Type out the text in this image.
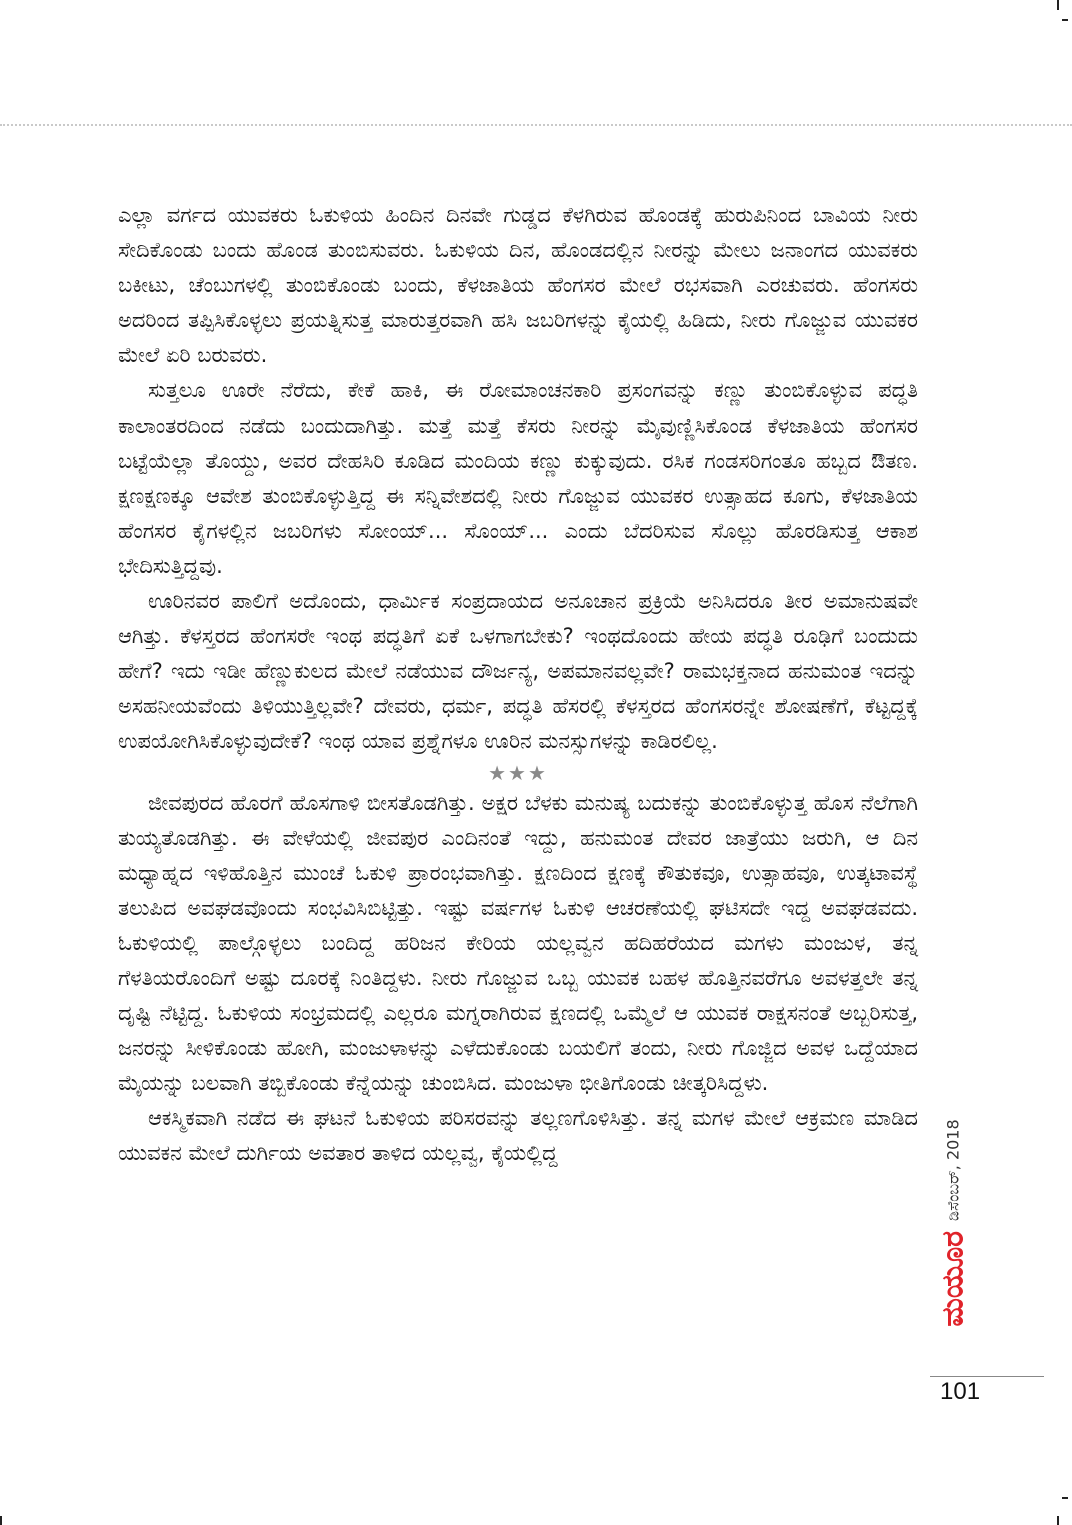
ಎಲ್ಲಾ ವರ್ಗದ ಯುವಕರು ಓಕುಳಿಯ ಹಿಂದಿನ ದಿನವೇ ಗುಡ್ಡದ ಕೆಳಗಿರುವ ಹೊಂಡಕ್ಕೆ ಹುರುಪಿನಿಂದ ಬಾವಿಯ ನೀರು ಸೇದಿಕೊಂಡು ಬಂದು ಹೊಂಡ ತುಂಬಿಸುವರು. ಓಕುಳಿಯ ದಿನ, ಹೊಂಡದಲ್ಲಿನ ನೀರನ್ನು ಮೇಲು ಜನಾಂಗದ ಯುವಕರು ಬಕೀಟು, ಚೆಂಬುಗಳಲ್ಲಿ ತುಂಬಿಕೊಂಡು ಬಂದು, ಕೆಳಜಾತಿಯ ಹೆಂಗಸರ ಮೇಲೆ ರಭಸವಾಗಿ ಎರಚುವರು. ಹೆಂಗಸರು ಅದರಿಂದ ತಪ್ಪಿಸಿಕೊಳ್ಳಲು ಪ್ರಯತ್ನಿಸುತ್ತ ಮಾರುತ್ತರವಾಗಿ ಹಸಿ ಜಬರಿಗಳನ್ನು ಕೈಯಲ್ಲಿ ಹಿಡಿದು, ನೀರು ಗೊಜ್ಜುವ ಯುವಕರ ಮೇಲೆ ಏರಿ ಬರುವರು.

ಸುತ್ತಲೂ ಊರೇ ನೆರೆದು, ಕೇಕೆ ಹಾಕಿ, ಈ ರೋಮಾಂಚನಕಾರಿ ಪ್ರಸಂಗವನ್ನು ಕಣ್ಣು ತುಂಬಿಕೊಳ್ಳುವ ಪದ್ಧತಿ ಕಾಲಾಂತರದಿಂದ ನಡೆದು ಬಂದುದಾಗಿತ್ತು. ಮತ್ತೆ ಮತ್ತೆ ಕೆಸರು ನೀರನ್ನು ಮೈವುಣ್ಣಿಸಿಕೊಂಡ ಕೆಳಜಾತಿಯ ಹೆಂಗಸರ ಬಟ್ಟೆಯೆಲ್ಲಾ ತೊಯ್ದು, ಅವರ ದೇಹಸಿರಿ ಕೂಡಿದ ಮಂದಿಯ ಕಣ್ಣು ಕುಕ್ಕುವುದು. ರಸಿಕ ಗಂಡಸರಿಗಂತೂ ಹಬ್ಬದ ಔತಣ. ಕ್ಷಣಕ್ಷಣಕ್ಕೂ ಆವೇಶ ತುಂಬಿಕೊಳ್ಳುತ್ತಿದ್ದ ಈ ಸನ್ನಿವೇಶದಲ್ಲಿ ನೀರು ಗೊಜ್ಜುವ ಯುವಕರ ಉತ್ಸಾಹದ ಕೂಗು, ಕೆಳಜಾತಿಯ ಹೆಂಗಸರ ಕೈಗಳಲ್ಲಿನ ಜಬರಿಗಳು ಸೋಂಯ್... ಸೊಂಯ್... ಎಂದು ಬೆದರಿಸುವ ಸೊಲ್ಲು ಹೊರಡಿಸುತ್ತ ಆಕಾಶ ಭೇದಿಸುತ್ತಿದ್ದವು.

ಊರಿನವರ ಪಾಲಿಗೆ ಅದೊಂದು, ಧಾರ್ಮಿಕ ಸಂಪ್ರದಾಯದ ಅನೂಚಾನ ಪ್ರಕ್ರಿಯೆ ಅನಿಸಿದರೂ ತೀರ ಅಮಾನುಷವೇ ಆಗಿತ್ತು. ಕೆಳಸ್ತರದ ಹೆಂಗಸರೇ ಇಂಥ ಪದ್ಧತಿಗೆ ಏಕೆ ಒಳಗಾಗಬೇಕು? ಇಂಥದೊಂದು ಹೇಯ ಪದ್ಧತಿ ರೂಢಿಗೆ ಬಂದುದು ಹೇಗೆ? ಇದು ಇಡೀ ಹೆಣ್ಣುಕುಲದ ಮೇಲೆ ನಡೆಯುವ ದೌರ್ಜನ್ಯ, ಅಪಮಾನವಲ್ಲವೇ? ರಾಮಭಕ್ತನಾದ ಹನುಮಂತ ಇದನ್ನು ಅಸಹನೀಯವೆಂದು ತಿಳಿಯುತ್ತಿಲ್ಲವೇ? ದೇವರು, ಧರ್ಮ, ಪದ್ಧತಿ ಹೆಸರಲ್ಲಿ ಕೆಳಸ್ತರದ ಹೆಂಗಸರನ್ನೇ ಶೋಷಣೆಗೆ, ಕೆಟ್ಟದ್ದಕ್ಕೆ ಉಪಯೋಗಿಸಿಕೊಳ್ಳುವುದೇಕೆ? ಇಂಥ ಯಾವ ಪ್ರಶ್ನೆಗಳೂ ಊರಿನ ಮನಸ್ಸುಗಳನ್ನು ಕಾಡಿರಲಿಲ್ಲ.

★★★

ಜೀವಪುರದ ಹೊರಗೆ ಹೊಸಗಾಳಿ ಬೀಸತೊಡಗಿತ್ತು. ಅಕ್ಷರ ಬೆಳಕು ಮನುಷ್ಯ ಬದುಕನ್ನು ತುಂಬಿಕೊಳ್ಳುತ್ತ ಹೊಸ ನೆಲೆಗಾಗಿ ತುಯ್ಯತೊಡಗಿತ್ತು. ಈ ವೇಳೆಯಲ್ಲಿ ಜೀವಪುರ ಎಂದಿನಂತೆ ಇದ್ದು, ಹನುಮಂತ ದೇವರ ಜಾತ್ರೆಯು ಜರುಗಿ, ಆ ದಿನ ಮಧ್ಯಾಹ್ನದ ಇಳಿಹೊತ್ತಿನ ಮುಂಚೆ ಓಕುಳಿ ಪ್ರಾರಂಭವಾಗಿತ್ತು. ಕ್ಷಣದಿಂದ ಕ್ಷಣಕ್ಕೆ ಕೌತುಕವೂ, ಉತ್ಸಾಹವೂ, ಉತ್ಕಟಾವಸ್ಥೆ ತಲುಪಿದ ಅವಘಡವೊಂದು ಸಂಭವಿಸಿಬಿಟ್ಟಿತ್ತು. ಇಷ್ಟು ವರ್ಷಗಳ ಓಕುಳಿ ಆಚರಣೆಯಲ್ಲಿ ಘಟಿಸದೇ ಇದ್ದ ಅವಘಡವದು. ಓಕುಳಿಯಲ್ಲಿ ಪಾಲ್ಗೊಳ್ಳಲು ಬಂದಿದ್ದ ಹರಿಜನ ಕೇರಿಯ ಯಲ್ಲವ್ವನ ಹದಿಹರೆಯದ ಮಗಳು ಮಂಜುಳ, ತನ್ನ ಗೆಳತಿಯರೊಂದಿಗೆ ಅಷ್ಟು ದೂರಕ್ಕೆ ನಿಂತಿದ್ದಳು. ನೀರು ಗೊಜ್ಜುವ ಒಬ್ಬ ಯುವಕ ಬಹಳ ಹೊತ್ತಿನವರೆಗೂ ಅವಳತ್ತಲೇ ತನ್ನ ದೃಷ್ಟಿ ನೆಟ್ಟಿದ್ದ. ಓಕುಳಿಯ ಸಂಭ್ರಮದಲ್ಲಿ ಎಲ್ಲರೂ ಮಗ್ನರಾಗಿರುವ ಕ್ಷಣದಲ್ಲಿ ಒಮ್ಮೆಲೆ ಆ ಯುವಕ ರಾಕ್ಷಸನಂತೆ ಅಬ್ಬರಿಸುತ್ತ, ಜನರನ್ನು ಸೀಳಿಕೊಂಡು ಹೋಗಿ, ಮಂಜುಳಾಳನ್ನು ಎಳೆದುಕೊಂಡು ಬಯಲಿಗೆ ತಂದು, ನೀರು ಗೊಜ್ಜಿದ ಅವಳ ಒದ್ದೆಯಾದ ಮೈಯನ್ನು ಬಲವಾಗಿ ತಬ್ಬಿಕೊಂಡು ಕೆನ್ನೆಯನ್ನು ಚುಂಬಿಸಿದ. ಮಂಜುಳಾ ಭೀತಿಗೊಂಡು ಚೀತ್ಕರಿಸಿದ್ದಳು.

ಆಕಸ್ಮಿಕವಾಗಿ ನಡೆದ ಈ ಘಟನೆ ಓಕುಳಿಯ ಪರಿಸರವನ್ನು ತಲ್ಲಣಗೊಳಿಸಿತ್ತು. ತನ್ನ ಮಗಳ ಮೇಲೆ ಆಕ್ರಮಣ ಮಾಡಿದ ಯುವಕನ ಮೇಲೆ ದುರ್ಗಿಯ ಅವತಾರ ತಾಳಿದ ಯಲ್ಲವ್ವ, ಕೈಯಲ್ಲಿದ್ದ

ಮಯೂರ
ಡಿಸೆಂಬರ್, 2018
101
